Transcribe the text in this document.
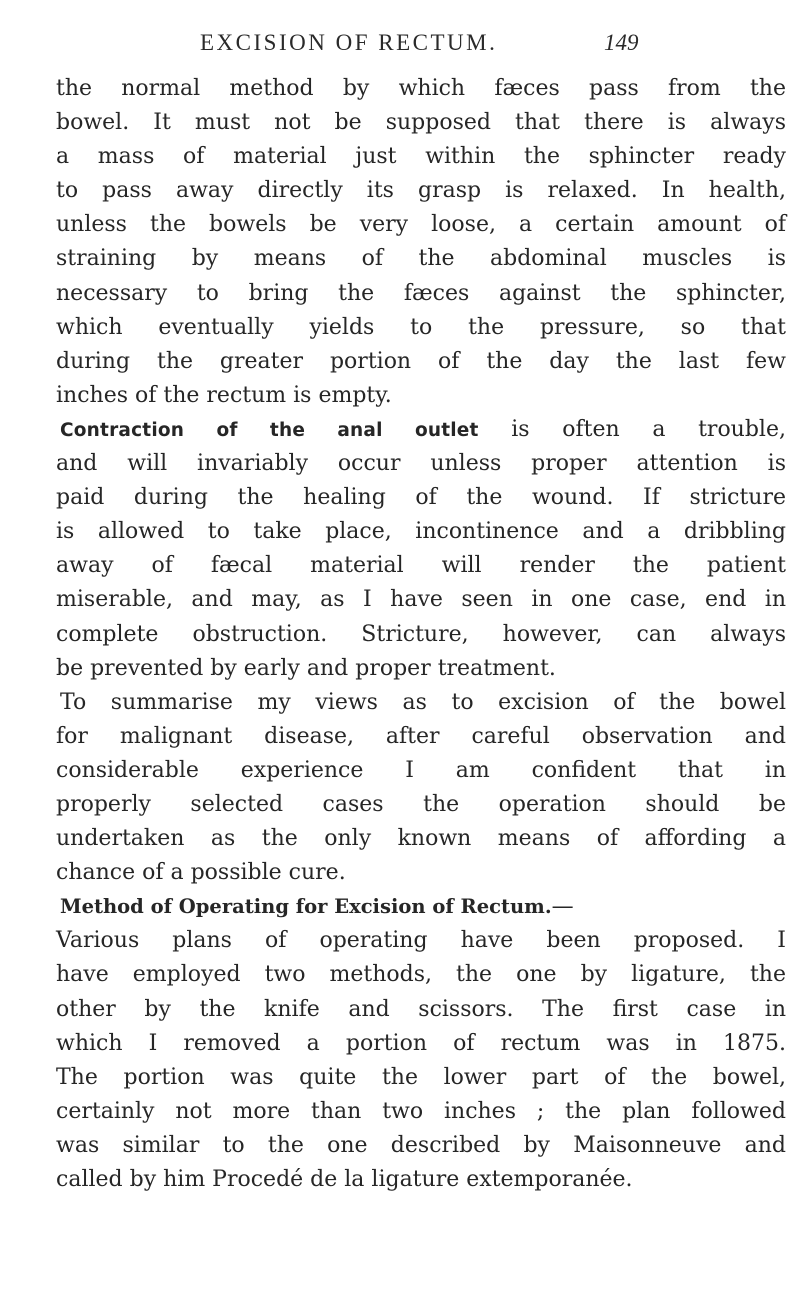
EXCISION OF RECTUM.	149
the normal method by which fæces pass from the
bowel. It must not be supposed that there is always
a mass of material just within the sphincter ready
to pass away directly its grasp is relaxed. In health,
unless the bowels be very loose, a certain amount of
straining by means of the abdominal muscles is
necessary to bring the fæces against the sphincter,
which eventually yields to the pressure, so that
during the greater portion of the day the last few
inches of the rectum is empty.
Contraction of the anal outlet is often a trouble,
and will invariably occur unless proper attention is
paid during the healing of the wound. If stricture
is allowed to take place, incontinence and a dribbling
away of fæcal material will render the patient
miserable, and may, as I have seen in one case, end in
complete obstruction. Stricture, however, can always
be prevented by early and proper treatment.
To summarise my views as to excision of the bowel
for malignant disease, after careful observation and
considerable experience I am confident that in
properly selected cases the operation should be
undertaken as the only known means of affording a
chance of a possible cure.
Method of Operating for Excision of Rectum.—
Various plans of operating have been proposed. I
have employed two methods, the one by ligature, the
other by the knife and scissors. The first case in
which I removed a portion of rectum was in 1875.
The portion was quite the lower part of the bowel,
certainly not more than two inches ; the plan followed
was similar to the one described by Maisonneuve and
called by him Procedé de la ligature extemporanée.
